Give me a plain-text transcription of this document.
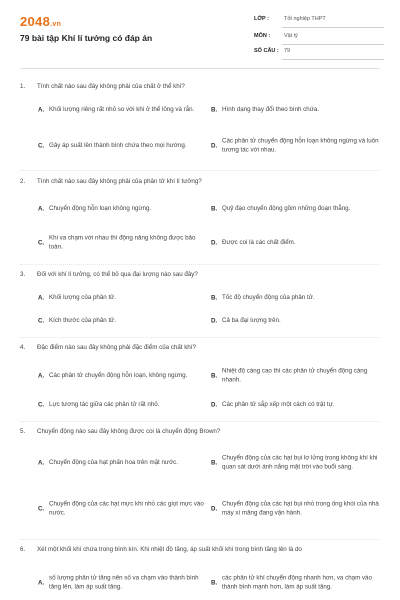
2048.vn
79 bài tập Khí lí tưởng có đáp án
LỚP :	Tốt nghiệp THPT
MÔN :	Vật lý
SỐ CÂU : 79
1. Tính chất nào sau đây không phải của chất ở thể khí?
A. Khối lượng riêng rất nhỏ so với khi ở thể lỏng và rắn.	B. Hình dạng thay đổi theo bình chứa.
C. Gây áp suất lên thành bình chứa theo mọi hướng.	D.
Các phân tử chuyển động hỗn loạn không ngừng và luôn tương tác với nhau.
2. Tính chất nào sau đây không phải của phân tử khí lí tưởng?
A. Chuyển động hỗn loạn không ngừng.	B. Quỹ đạo chuyển động gồm những đoạn thẳng.
C.
Khi va chạm với nhau thì động năng không được bảo toàn.	D. Được coi là các chất điểm.
3. Đối với khí lí tưởng, có thể bỏ qua đại lượng nào sau đây?
A. Khối lượng của phân tử.	B. Tốc độ chuyển động của phân tử.
C. Kích thước của phân tử.	D. Cả ba đại lượng trên.
4. Đặc điểm nào sau đây không phải đặc điểm của chất khí?
A. Các phân tử chuyển động hỗn loạn, không ngừng.	B.
Nhiệt độ càng cao thì các phân tử chuyển động càng nhanh.
C. Lực tương tác giữa các phân tử rất nhỏ.	D. Các phân tử sắp xếp một cách có trật tự.
5. Chuyển động nào sau đây không được coi là chuyển động Brown?
A. Chuyển động của hạt phấn hoa trên mặt nước.	B.
Chuyển động của các hạt bụi lơ lửng trong không khí khi quan sát dưới ánh nắng mặt trời vào buổi sáng.
C.
Chuyển động của các hạt mực khi nhỏ các giọt mực vào nước.	D.
Chuyển động của các hạt bụi nhỏ trong ống khói của nhà máy xí măng đang vận hành.
6. Xét một khối khí chứa trong bình kín. Khi nhiệt độ tăng, áp suất khối khí trong bình tăng lên là do
A.
số lượng phân tử tăng nên số va chạm vào thành bình tăng lên, làm áp suất tăng.	B.
các phân tử khí chuyển động nhanh hơn, va chạm vào thành bình mạnh hơn, làm áp suất tăng.
